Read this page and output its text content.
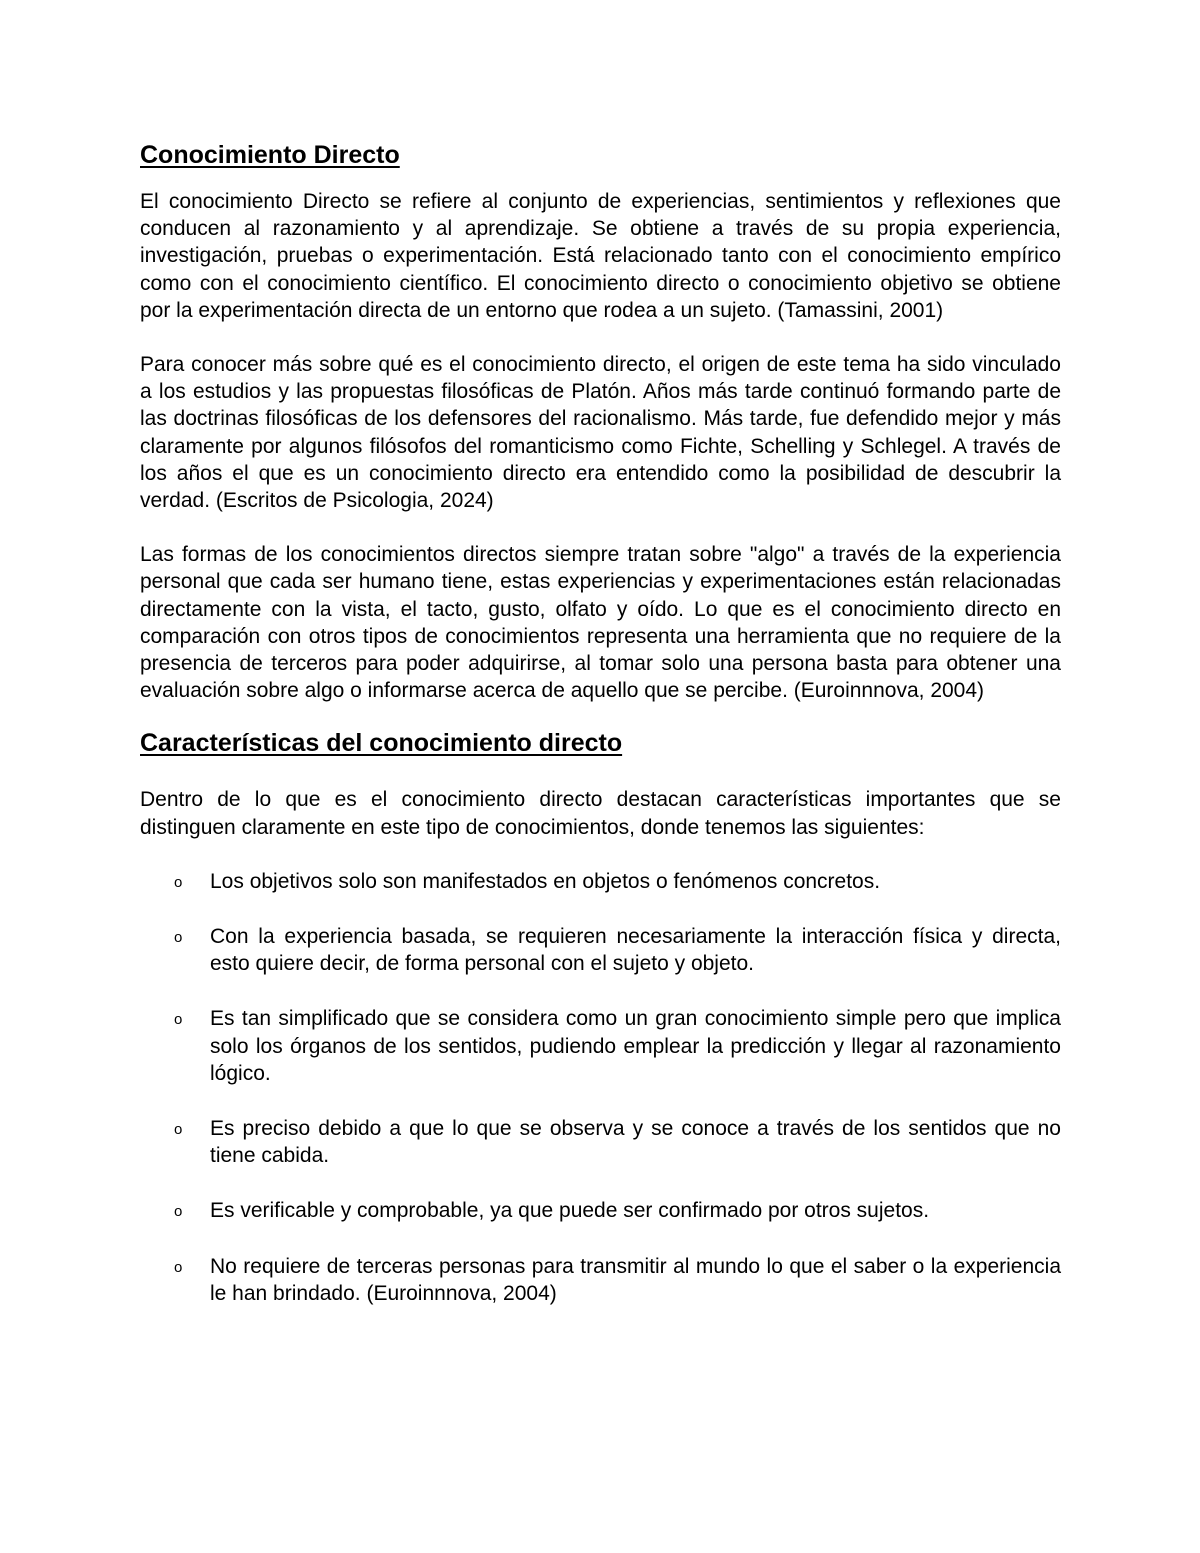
Conocimiento Directo

El conocimiento Directo se refiere al conjunto de experiencias, sentimientos y reflexiones que conducen al razonamiento y al aprendizaje. Se obtiene a través de su propia experiencia, investigación, pruebas o experimentación. Está relacionado tanto con el conocimiento empírico como con el conocimiento científico. El conocimiento directo o conocimiento objetivo se obtiene por la experimentación directa de un entorno que rodea a un sujeto. (Tamassini, 2001)

Para conocer más sobre qué es el conocimiento directo, el origen de este tema ha sido vinculado a los estudios y las propuestas filosóficas de Platón. Años más tarde continuó formando parte de las doctrinas filosóficas de los defensores del racionalismo. Más tarde, fue defendido mejor y más claramente por algunos filósofos del romanticismo como Fichte, Schelling y Schlegel. A través de los años el que es un conocimiento directo era entendido como la posibilidad de descubrir la verdad. (Escritos de Psicologia, 2024)

Las formas de los conocimientos directos siempre tratan sobre "algo" a través de la experiencia personal que cada ser humano tiene, estas experiencias y experimentaciones están relacionadas directamente con la vista, el tacto, gusto, olfato y oído. Lo que es el conocimiento directo en comparación con otros tipos de conocimientos representa una herramienta que no requiere de la presencia de terceros para poder adquirirse, al tomar solo una persona basta para obtener una evaluación sobre algo o informarse acerca de aquello que se percibe. (Euroinnnova, 2004)

Características del conocimiento directo

Dentro de lo que es el conocimiento directo destacan características importantes que se distinguen claramente en este tipo de conocimientos, donde tenemos las siguientes:

o Los objetivos solo son manifestados en objetos o fenómenos concretos.
o Con la experiencia basada, se requieren necesariamente la interacción física y directa, esto quiere decir, de forma personal con el sujeto y objeto.
o Es tan simplificado que se considera como un gran conocimiento simple pero que implica solo los órganos de los sentidos, pudiendo emplear la predicción y llegar al razonamiento lógico.
o Es preciso debido a que lo que se observa y se conoce a través de los sentidos que no tiene cabida.
o Es verificable y comprobable, ya que puede ser confirmado por otros sujetos.
o No requiere de terceras personas para transmitir al mundo lo que el saber o la experiencia le han brindado. (Euroinnnova, 2004)
